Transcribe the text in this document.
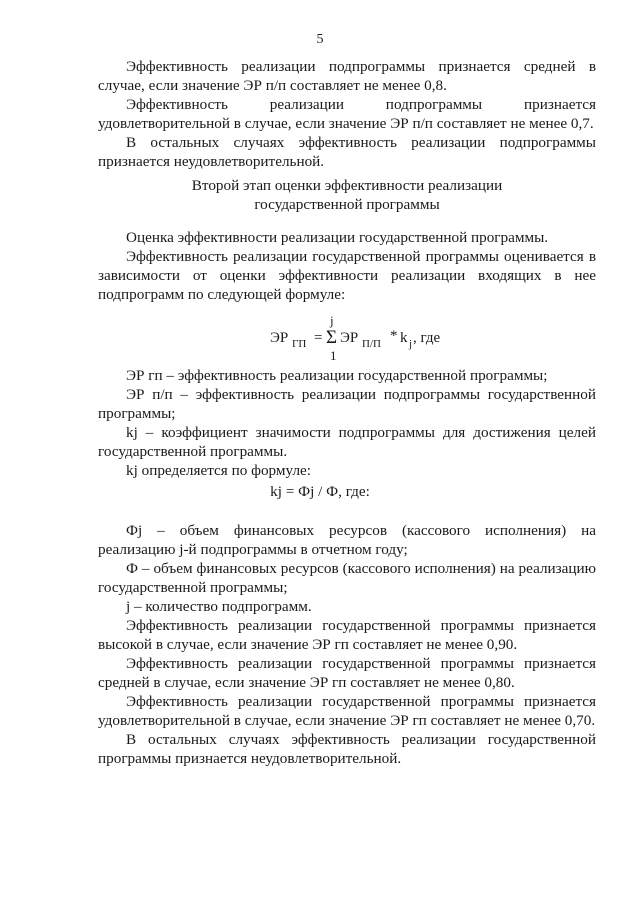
5

Эффективность реализации подпрограммы признается средней в случае, если значение ЭР п/п составляет не менее 0,8.

Эффективность реализации подпрограммы признается удовлетворительной в случае, если значение ЭР п/п составляет не менее 0,7.

В остальных случаях эффективность реализации подпрограммы признается неудовлетворительной.

Второй этап оценки эффективности реализации
государственной программы

Оценка эффективности реализации государственной программы.

Эффективность реализации государственной программы оценивается в зависимости от оценки эффективности реализации входящих в нее подпрограмм по следующей формуле:

ЭР ГП =
j
Σ
1
ЭР П/П * k j , где

ЭР гп – эффективность реализации государственной программы;

ЭР п/п – эффективность реализации подпрограммы государственной программы;

kj – коэффициент значимости подпрограммы для достижения целей государственной программы.

kj определяется по формуле:

kj = Фj / Ф, где:

Фj – объем финансовых ресурсов (кассового исполнения) на реализацию j-й подпрограммы в отчетном году;

Ф – объем финансовых ресурсов (кассового исполнения) на реализацию государственной программы;

j – количество подпрограмм.

Эффективность реализации государственной программы признается высокой в случае, если значение ЭР гп составляет не менее 0,90.

Эффективность реализации государственной программы признается средней в случае, если значение ЭР гп составляет не менее 0,80.

Эффективность реализации государственной программы признается удовлетворительной в случае, если значение ЭР гп составляет не менее 0,70.

В остальных случаях эффективность реализации государственной программы признается неудовлетворительной.
